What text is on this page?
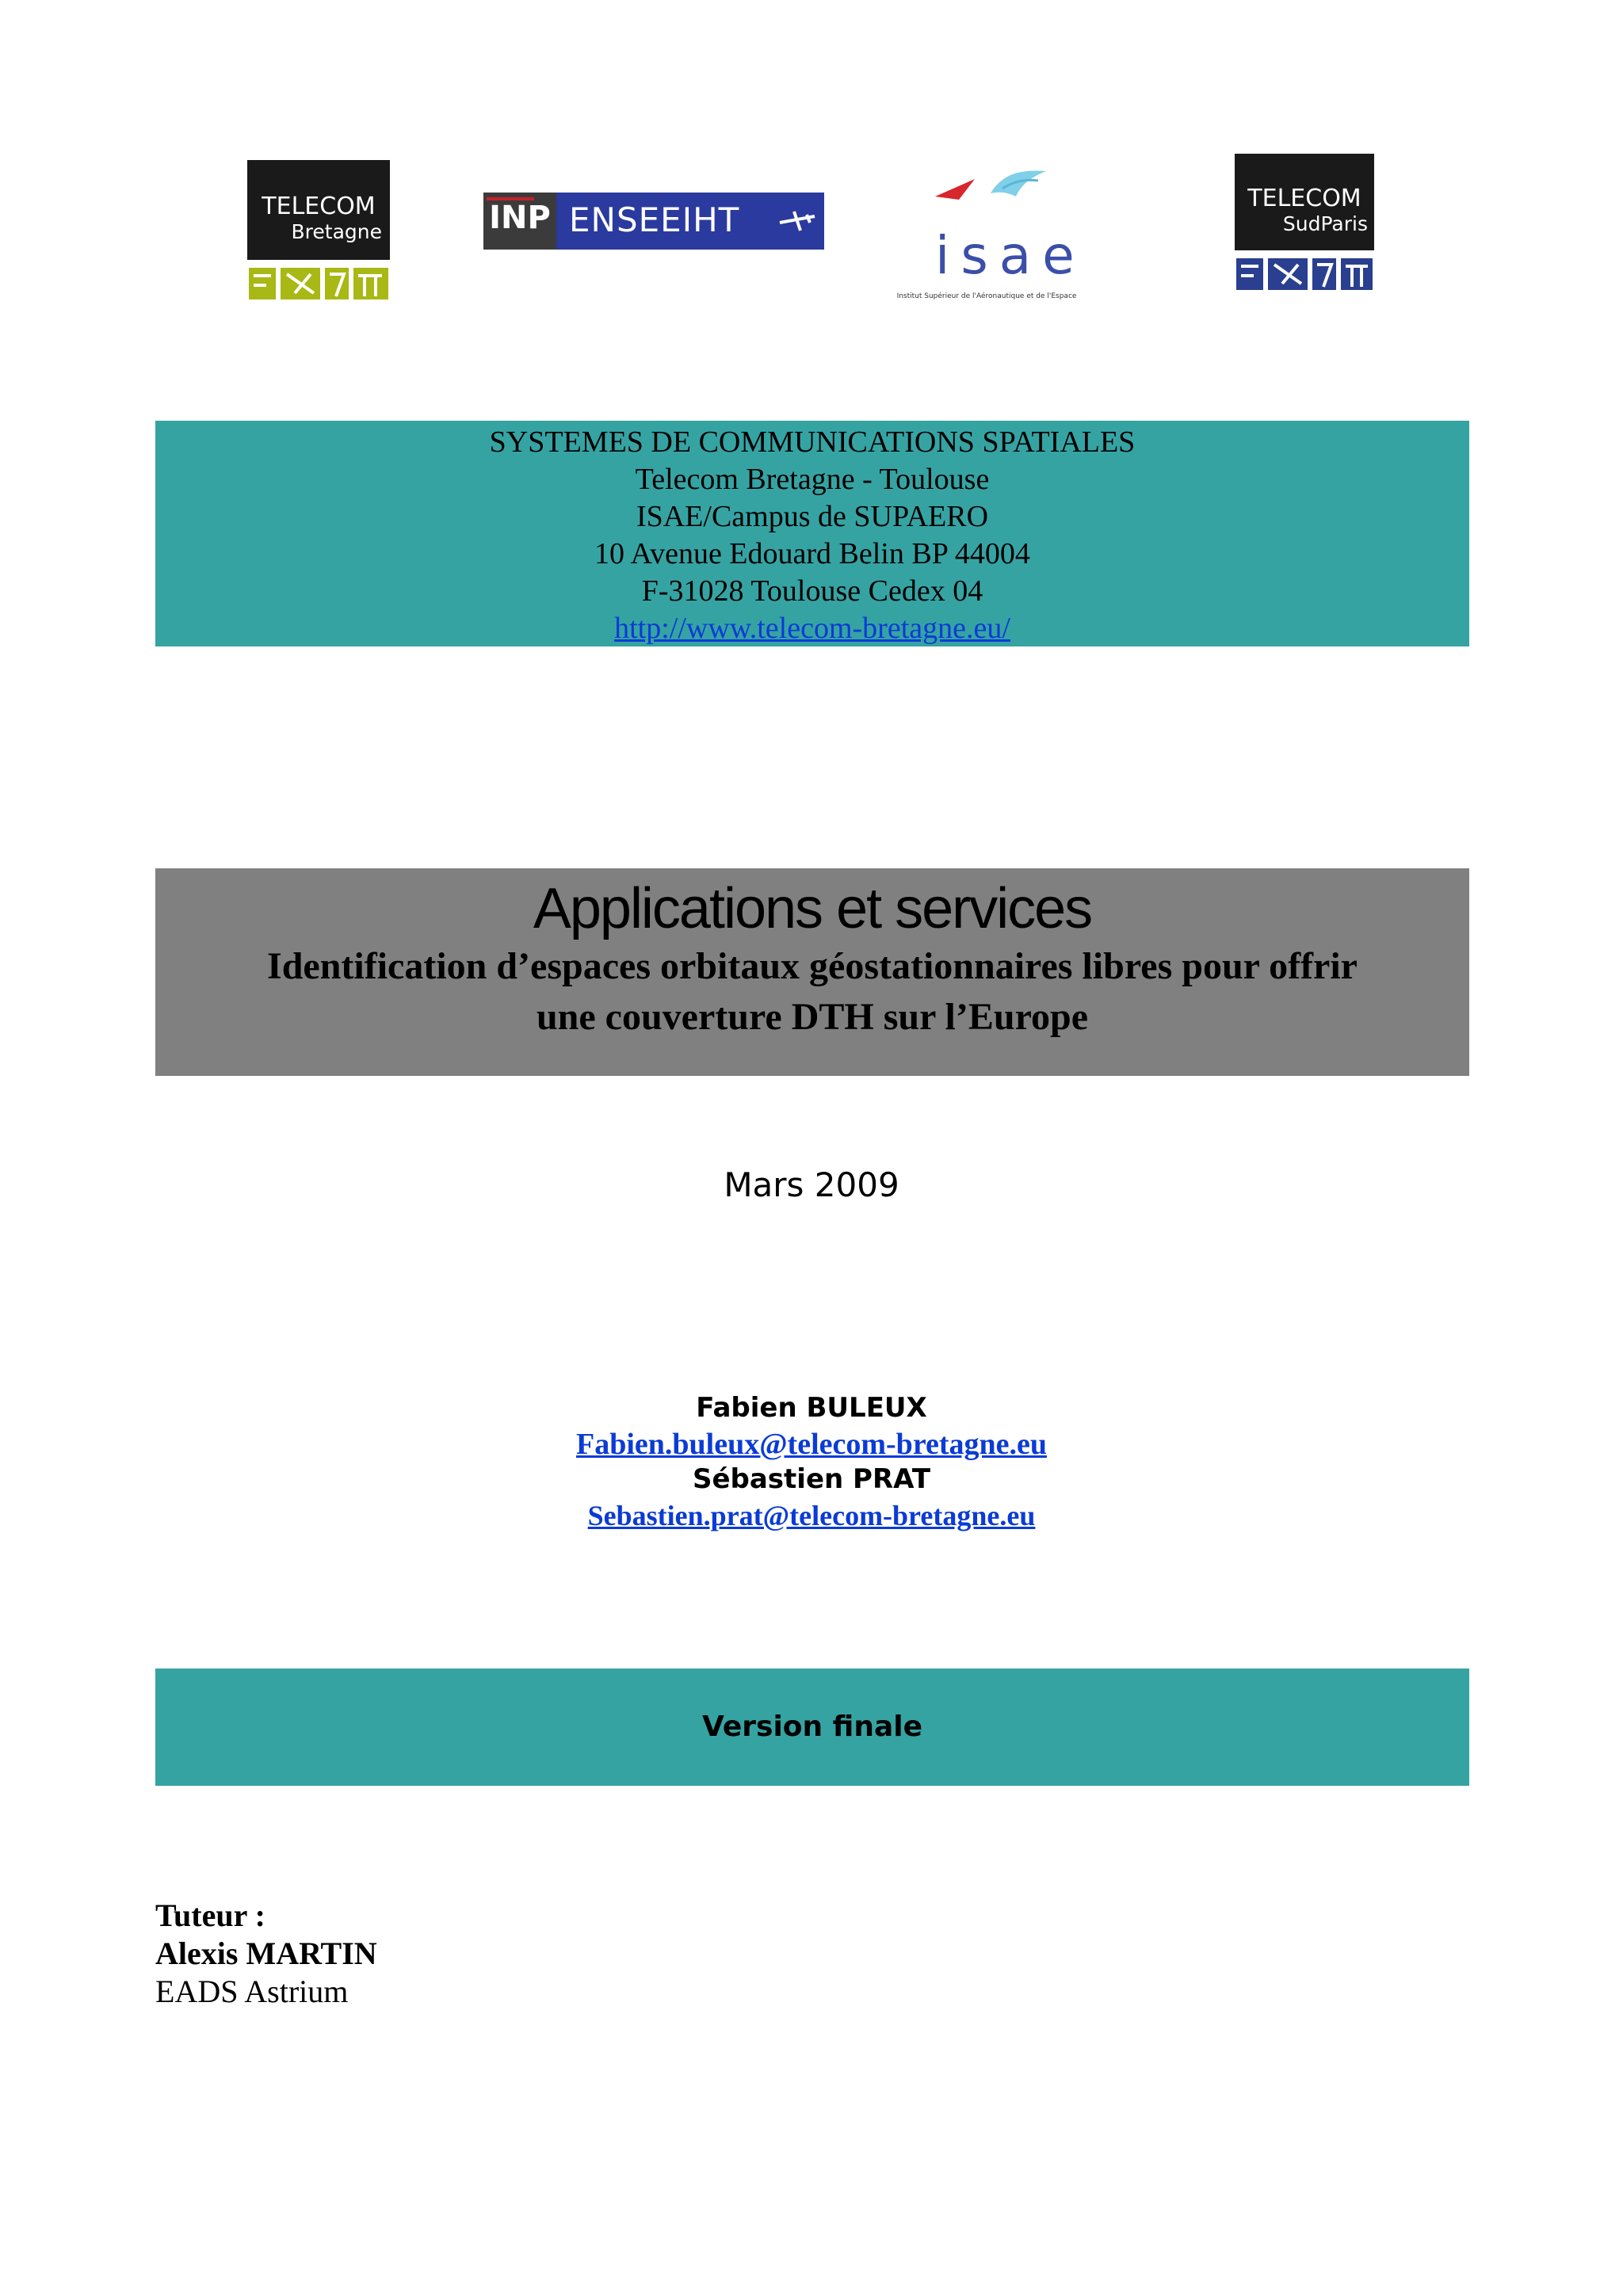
TELECOM
Bretagne	INP ENSEEIHT
isae
Institut Supérieur de l'Aéronautique et de l'Espace
TELECOM
SudParis
SYSTEMES DE COMMUNICATIONS SPATIALES
Telecom Bretagne - Toulouse
ISAE/Campus de SUPAERO
10 Avenue Edouard Belin BP 44004
F-31028 Toulouse Cedex 04
http://www.telecom-bretagne.eu/
Applications et services
Identification d’espaces orbitaux géostationnaires libres pour offrir
une couverture DTH sur l’Europe
Mars 2009
Fabien BULEUX
Fabien.buleux@telecom-bretagne.eu
Sébastien PRAT
Sebastien.prat@telecom-bretagne.eu
Version finale
Tuteur :
Alexis MARTIN
EADS Astrium
